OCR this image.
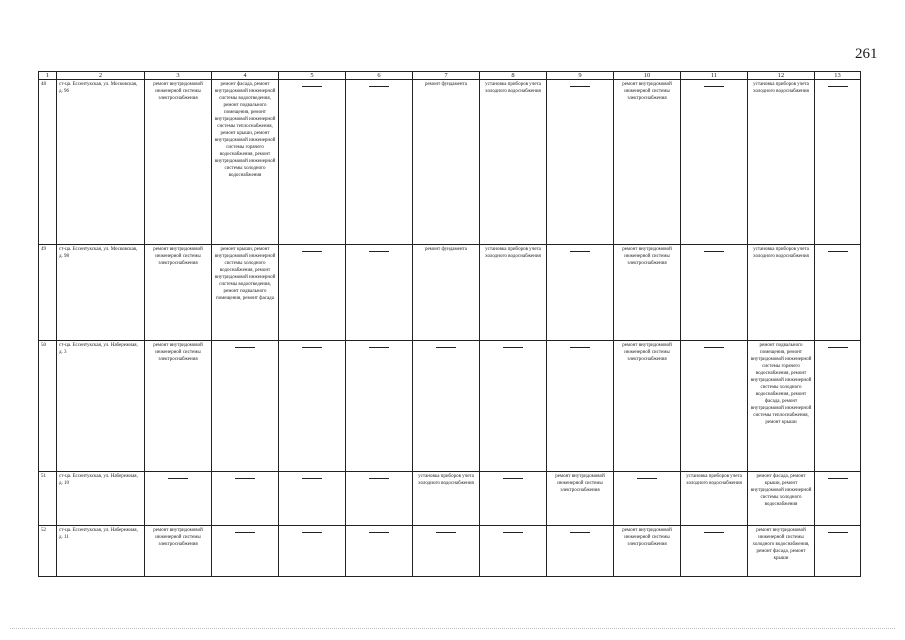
261
1	2	3	4	5	6	7	8	9	10	11	12	13
48	ст-ца. Ессентукская, ул. Московская, д. 96	ремонт внутридомовой инженерной системы электроснабжения	ремонт фасада, ремонт внутридомовой инженерной системы водоотведения, ремонт подвального помещения, ремонт внутридомовой инженерной системы теплоснабжения, ремонт крыши, ремонт внутридомовой инженерной системы горячего водоснабжения, ремонт внутридомовой инженерной системы холодного водоснабжения			ремонт фундамента	установка приборов учета холодного водоснабжения		ремонт внутридомовой инженерной системы электроснабжения		установка приборов учета холодного водоснабжения	
49	ст-ца. Ессентукская, ул. Московская, д. 98	ремонт внутридомовой инженерной системы электроснабжения	ремонт крыши, ремонт внутридомовой инженерной системы холодного водоснабжения, ремонт внутридомовой инженерной системы водоотведения, ремонт подвального помещения, ремонт фасада			ремонт фундамента	установка приборов учета холодного водоснабжения		ремонт внутридомовой инженерной системы электроснабжения		установка приборов учета холодного водоснабжения	
50	ст-ца. Ессентукская, ул. Набережная, д. 3	ремонт внутридомовой инженерной системы электроснабжения							ремонт внутридомовой инженерной системы электроснабжения		ремонт подвального помещения, ремонт внутридомовой инженерной системы горячего водоснабжения, ремонт внутридомовой инженерной системы холодного водоснабжения, ремонт фасада, ремонт внутридомовой инженерной системы теплоснабжения, ремонт крыши	
51	ст-ца. Ессентукская, ул. Набережная, д. 10					установка приборов учета холодного водоснабжения		ремонт внутридомовой инженерной системы электроснабжения		установка приборов учета холодного водоснабжения	ремонт фасада, ремонт крыши, ремонт внутридомовой инженерной системы холодного водоснабжения	
52	ст-ца. Ессентукская, ул. Набережная, д. 11	ремонт внутридомовой инженерной системы электроснабжения							ремонт внутридомовой инженерной системы электроснабжения		ремонт внутридомовой инженерной системы холодного водоснабжения, ремонт фасада, ремонт крыши	
